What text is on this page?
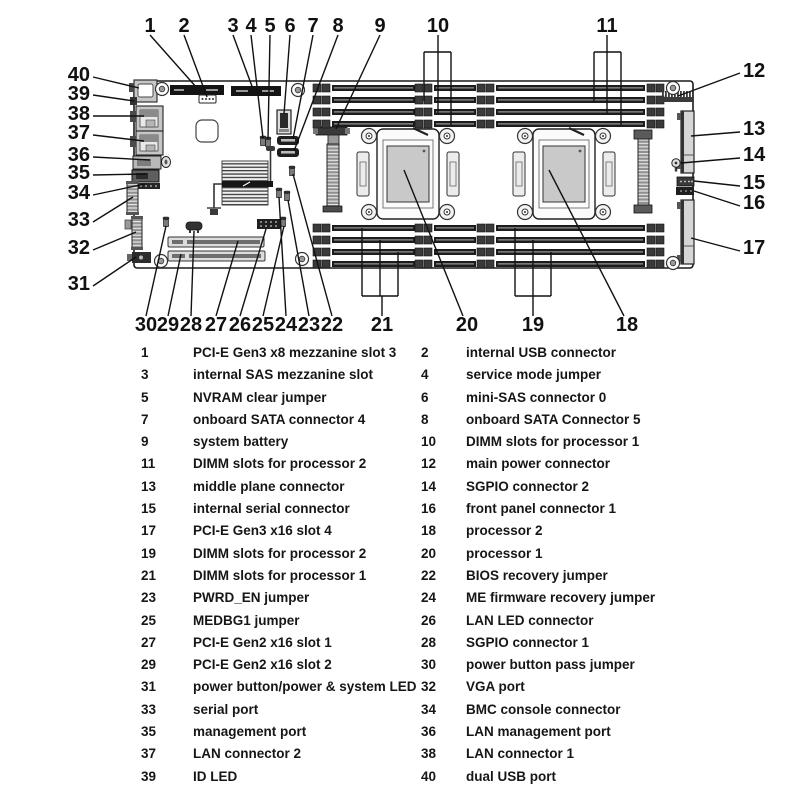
1 2 3 4 5 6 7 8 9 10	11
12
13
14
15
16
17
18
19
20
21
22
23
24
25
26
27
28
29
30
31
32
33
34
35
36
37
38
39
40
1	PCI-E Gen3 x8 mezzanine slot 3	2	internal USB connector
3	internal SAS mezzanine slot	4	service mode jumper
5	NVRAM clear jumper	6	mini-SAS connector 0
7	onboard SATA connector 4	8	onboard SATA Connector 5
9	system battery	10	DIMM slots for processor 1
11	DIMM slots for processor 2	12	main power connector
13	middle plane connector	14	SGPIO connector 2
15	internal serial connector	16	front panel connector 1
17	PCI-E Gen3 x16 slot 4	18	processor 2
19	DIMM slots for processor 2	20	processor 1
21	DIMM slots for processor 1	22	BIOS recovery jumper
23	PWRD_EN jumper	24	ME firmware recovery jumper
25	MEDBG1 jumper	26	LAN LED connector
27	PCI-E Gen2 x16 slot 1	28	SGPIO connector 1
29	PCI-E Gen2 x16 slot 2	30	power button pass jumper
31	power button/power & system LED 32	VGA port
33	serial port	34	BMC console connector
35	management port	36	LAN management port
37	LAN connector 2	38	LAN connector 1
39	ID LED	40	dual USB port
